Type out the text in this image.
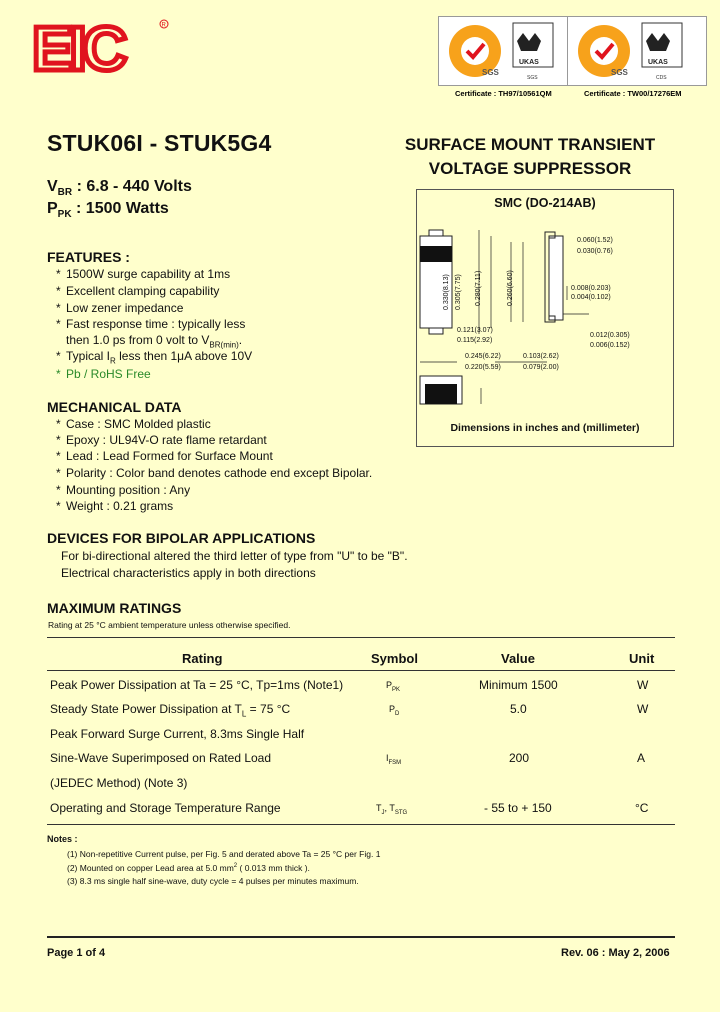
EIC	R
SGS
UKAS
SGS
SGS
UKAS
CDS
Certificate : TH97/10561QM	Certificate : TW00/17276EM
STUK06I - STUK5G4	SURFACE MOUNT TRANSIENT
VOLTAGE SUPPRESSOR
$V_{BR}$ : 6.8 - 440 Volts
$P_{PK}$ : 1500 Watts
FEATURES :
* 1500W surge capability at 1ms
* Excellent clamping capability
* Low zener impedance
* Fast response time : typically less
then 1.0 ps from 0 volt to $V_{BR(min)}$.
* Typical $I_R$ less then 1μA above 10V
* Pb / RoHS Free
MECHANICAL DATA
* Case : SMC Molded plastic
* Epoxy : UL94V-O rate flame retardant
* Lead : Lead Formed for Surface Mount
* Polarity : Color band denotes cathode end except Bipolar.
* Mounting position : Any
* Weight : 0.21 grams
DEVICES FOR BIPOLAR APPLICATIONS
For bi-directional altered the third letter of type from "U" to be "B".
Electrical characteristics apply in both directions
SMC (DO-214AB)
0.060(1.52)
0.030(0.76)
0.008(0.203)
0.004(0.102)
0.012(0.305)
0.006(0.152)
0.121(3.07)
0.115(2.92)
0.245(6.22)
0.220(5.59)
0.103(2.62)
0.079(2.00)
0.330(8.13) 0.305(7.75) 0.280(7.11)	0.260(6.60)
Dimensions in inches and (millimeter)
MAXIMUM RATINGS
Rating at 25 °C ambient temperature unless otherwise specified.
Rating	Symbol	Value	Unit
Peak Power Dissipation at Ta = 25 °C, Tp=1ms (Note1)	$P_{PK}$	Minimum 1500	W
Steady State Power Dissipation at $T_L = 75$ °C	$P_D$	5.0	W
Peak Forward Surge Current, 8.3ms Single Half
Sine-Wave Superimposed on Rated Load	$I_{FSM}$	200	A
(JEDEC Method) (Note 3)
Operating and Storage Temperature Range	$T_J$, $T_{STG}$	- 55 to + 150	°C
Notes :
(1) Non-repetitive Current pulse, per Fig. 5 and derated above Ta = 25 °C per Fig. 1
(2) Mounted on copper Lead area at 5.0 $mm^2$ ( 0.013 mm thick ).
(3) 8.3 ms single half sine-wave, duty cycle = 4 pulses per minutes maximum.
Page 1 of 4	Rev. 06 : May 2, 2006
